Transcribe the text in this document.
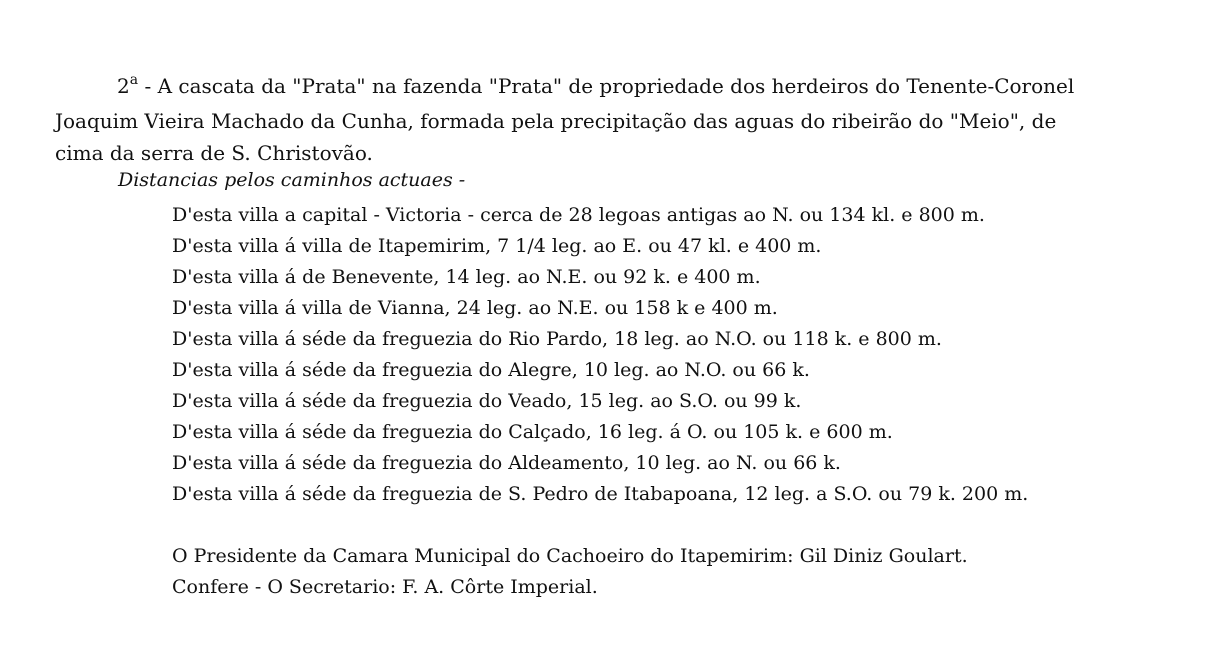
2$^a$ - A cascata da "Prata" na fazenda "Prata" de propriedade dos herdeiros do Tenente-Coronel
Joaquim Vieira Machado da Cunha, formada pela precipitação das aguas do ribeirão do "Meio", de
cima da serra de S. Christovão.
Distancias pelos caminhos actuaes -
D'esta villa a capital - Victoria - cerca de 28 legoas antigas ao N. ou 134 kl. e 800 m.
D'esta villa á villa de Itapemirim, 7 1/4 leg. ao E. ou 47 kl. e 400 m.
D'esta villa á de Benevente, 14 leg. ao N.E. ou 92 k. e 400 m.
D'esta villa á villa de Vianna, 24 leg. ao N.E. ou 158 k e 400 m.
D'esta villa á séde da freguezia do Rio Pardo, 18 leg. ao N.O. ou 118 k. e 800 m.
D'esta villa á séde da freguezia do Alegre, 10 leg. ao N.O. ou 66 k.
D'esta villa á séde da freguezia do Veado, 15 leg. ao S.O. ou 99 k.
D'esta villa á séde da freguezia do Calçado, 16 leg. á O. ou 105 k. e 600 m.
D'esta villa á séde da freguezia do Aldeamento, 10 leg. ao N. ou 66 k.
D'esta villa á séde da freguezia de S. Pedro de Itabapoana, 12 leg. a S.O. ou 79 k. 200 m.
O Presidente da Camara Municipal do Cachoeiro do Itapemirim: Gil Diniz Goulart.
Confere - O Secretario: F. A. Côrte Imperial.
